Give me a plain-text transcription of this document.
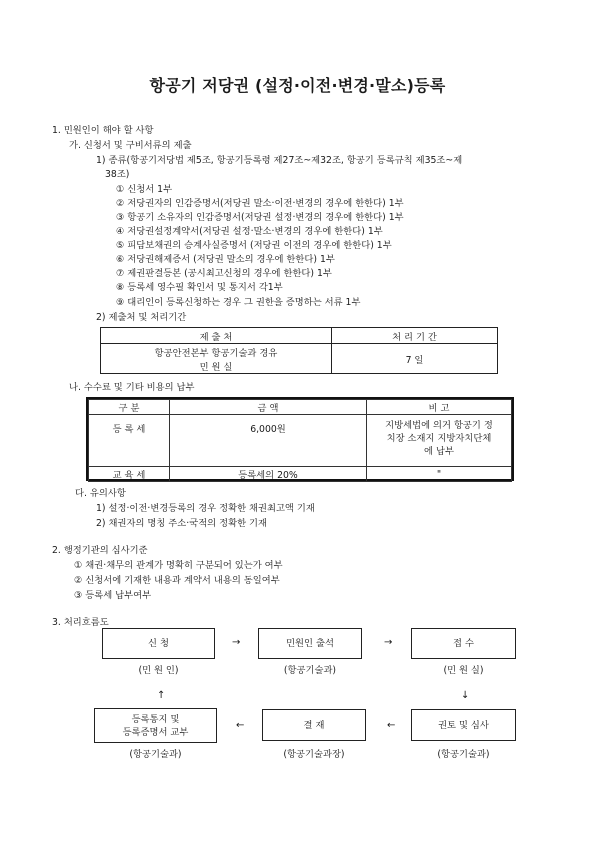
항공기 저당권 (설정·이전·변경·말소)등록
1. 민원인이 해야 할 사항
가. 신청서 및 구비서류의 제출
1) 종류(항공기저당법 제5조, 항공기등록령 제27조~제32조, 항공기 등록규칙 제35조~제
38조)
① 신청서 1부
② 저당권자의 인감증명서(저당권 말소·이전·변경의 경우에 한한다) 1부
③ 항공기 소유자의 인감증명서(저당권 설정·변경의 경우에 한한다) 1부
④ 저당권설정계약서(저당권 설정·말소·변경의 경우에 한한다) 1부
⑤ 피담보채권의 승계사실증명서 (저당권 이전의 경우에 한한다) 1부
⑥ 저당권해제증서 (저당권 말소의 경우에 한한다) 1부
⑦ 제권판결등본 (공시최고신청의 경우에 한한다) 1부
⑧ 등록세 영수필 확인서 및 통지서 각1부
⑨ 대리인이 등록신청하는 경우 그 권한을 증명하는 서류 1부
2) 제출처 및 처리기간
제 출 처	처 리 기 간

항공안전본부 항공기술과 경유
민 원 실	7 일
나. 수수료 및 기타 비용의 납부
구 분	금 액	비 고
등 록 세	6,000원	지방세법에 의거 항공기 정
치장 소재지 지방자치단체
에 납부

교 육 세	등록세의 20%	"
다. 유의사항
1) 설정·이전·변경등록의 경우 정확한 채권최고액 기재
2) 채권자의 명칭 주소·국적의 정확한 기재
2. 행정기관의 심사기준
① 채권·채무의 관계가 명확히 구분되어 있는가 여부
② 신청서에 기재한 내용과 계약서 내용의 동일여부
③ 등록세 납부여부
3. 처리흐름도
신 청
(민 원 인)
→	민원인 출석
(항공기술과)
→	접 수
(민 원 실)
↑	↓
등록통지 및
등록증명서 교부
(항공기술과)
←	결 재
(항공기술과장)
←	권토 및 심사
(항공기술과)
